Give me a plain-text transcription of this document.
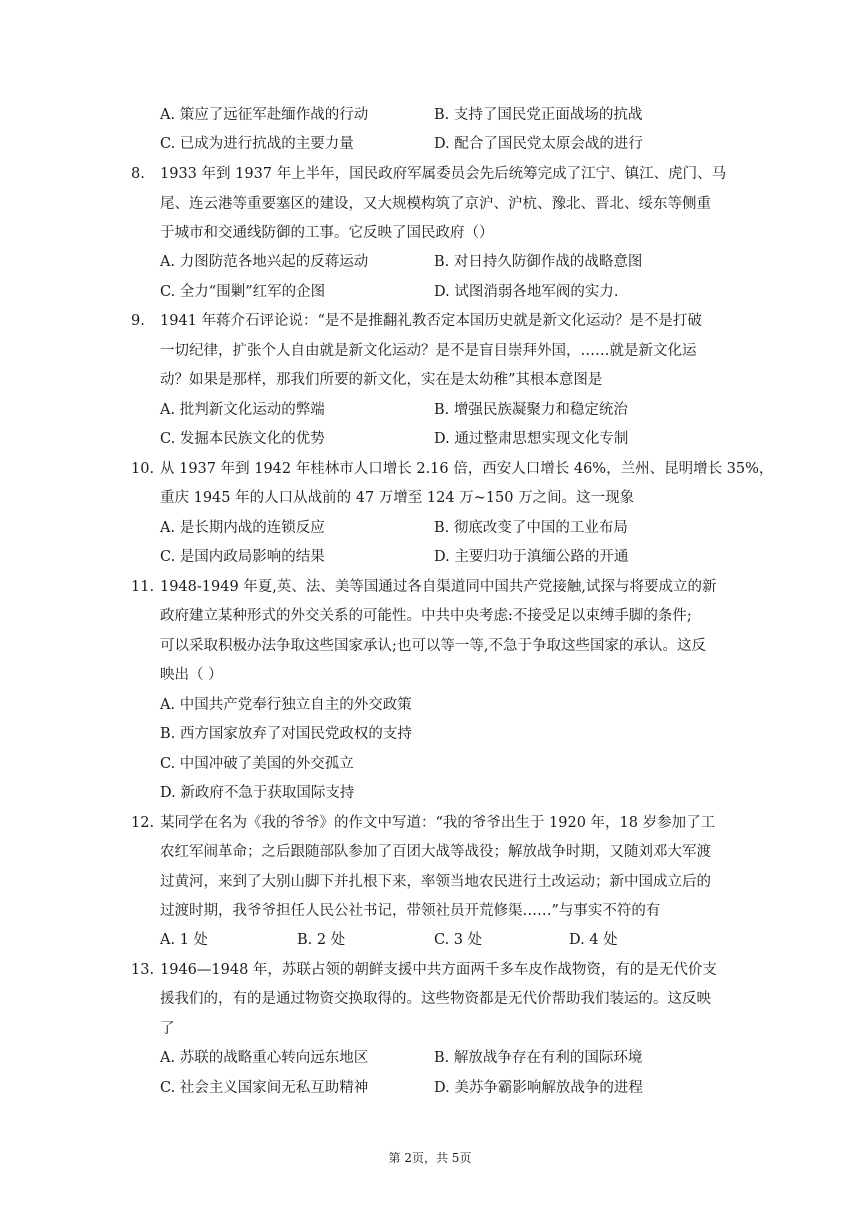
A. 策应了远征军赴缅作战的行动	B. 支持了国民党正面战场的抗战
C. 已成为进行抗战的主要力量	D. 配合了国民党太原会战的进行
8. 1933 年到 1937 年上半年，国民政府军属委员会先后统筹完成了江宁、镇江、虎门、马
尾、连云港等重要塞区的建设，又大规模构筑了京沪、沪杭、豫北、晋北、绥东等侧重
于城市和交通线防御的工事。它反映了国民政府（）
A. 力图防范各地兴起的反蒋运动	B. 对日持久防御作战的战略意图
C. 全力“围剿”红军的企图	D. 试图消弱各地军阀的实力.
9. 1941 年蒋介石评论说：“是不是推翻礼教否定本国历史就是新文化运动？是不是打破
一切纪律，扩张个人自由就是新文化运动？是不是盲目崇拜外国，……就是新文化运
动？如果是那样，那我们所要的新文化，实在是太幼稚”其根本意图是
A. 批判新文化运动的弊端	B. 增强民族凝聚力和稳定统治
C. 发掘本民族文化的优势	D. 通过整肃思想实现文化专制
10. 从 1937 年到 1942 年桂林市人口增长 2.16 倍，西安人口增长 46%，兰州、昆明增长 35%，
重庆 1945 年的人口从战前的 47 万增至 124 万~150 万之间。这一现象
A. 是长期内战的连锁反应	B. 彻底改变了中国的工业布局
C. 是国内政局影响的结果	D. 主要归功于滇缅公路的开通
11. 1948-1949 年夏,英、法、美等国通过各自渠道同中国共产党接触,试探与将要成立的新
政府建立某种形式的外交关系的可能性。中共中央考虑:不接受足以束缚手脚的条件;
可以采取积极办法争取这些国家承认;也可以等一等,不急于争取这些国家的承认。这反
映出（ ）
A. 中国共产党奉行独立自主的外交政策
B. 西方国家放弃了对国民党政权的支持
C. 中国冲破了美国的外交孤立
D. 新政府不急于获取国际支持
12. 某同学在名为《我的爷爷》的作文中写道：“我的爷爷出生于 1920 年，18 岁参加了工
农红军闹革命；之后跟随部队参加了百团大战等战役；解放战争时期，又随刘邓大军渡
过黄河，来到了大别山脚下并扎根下来，率领当地农民进行土改运动；新中国成立后的
过渡时期，我爷爷担任人民公社书记，带领社员开荒修渠……”与事实不符的有
A. 1 处	B. 2 处	C. 3 处	D. 4 处
13. 1946—1948 年，苏联占领的朝鲜支援中共方面两千多车皮作战物资，有的是无代价支
援我们的，有的是通过物资交换取得的。这些物资都是无代价帮助我们装运的。这反映
了
A. 苏联的战略重心转向远东地区	B. 解放战争存在有利的国际环境
C. 社会主义国家间无私互助精神	D. 美苏争霸影响解放战争的进程
第 2页，共 5页
